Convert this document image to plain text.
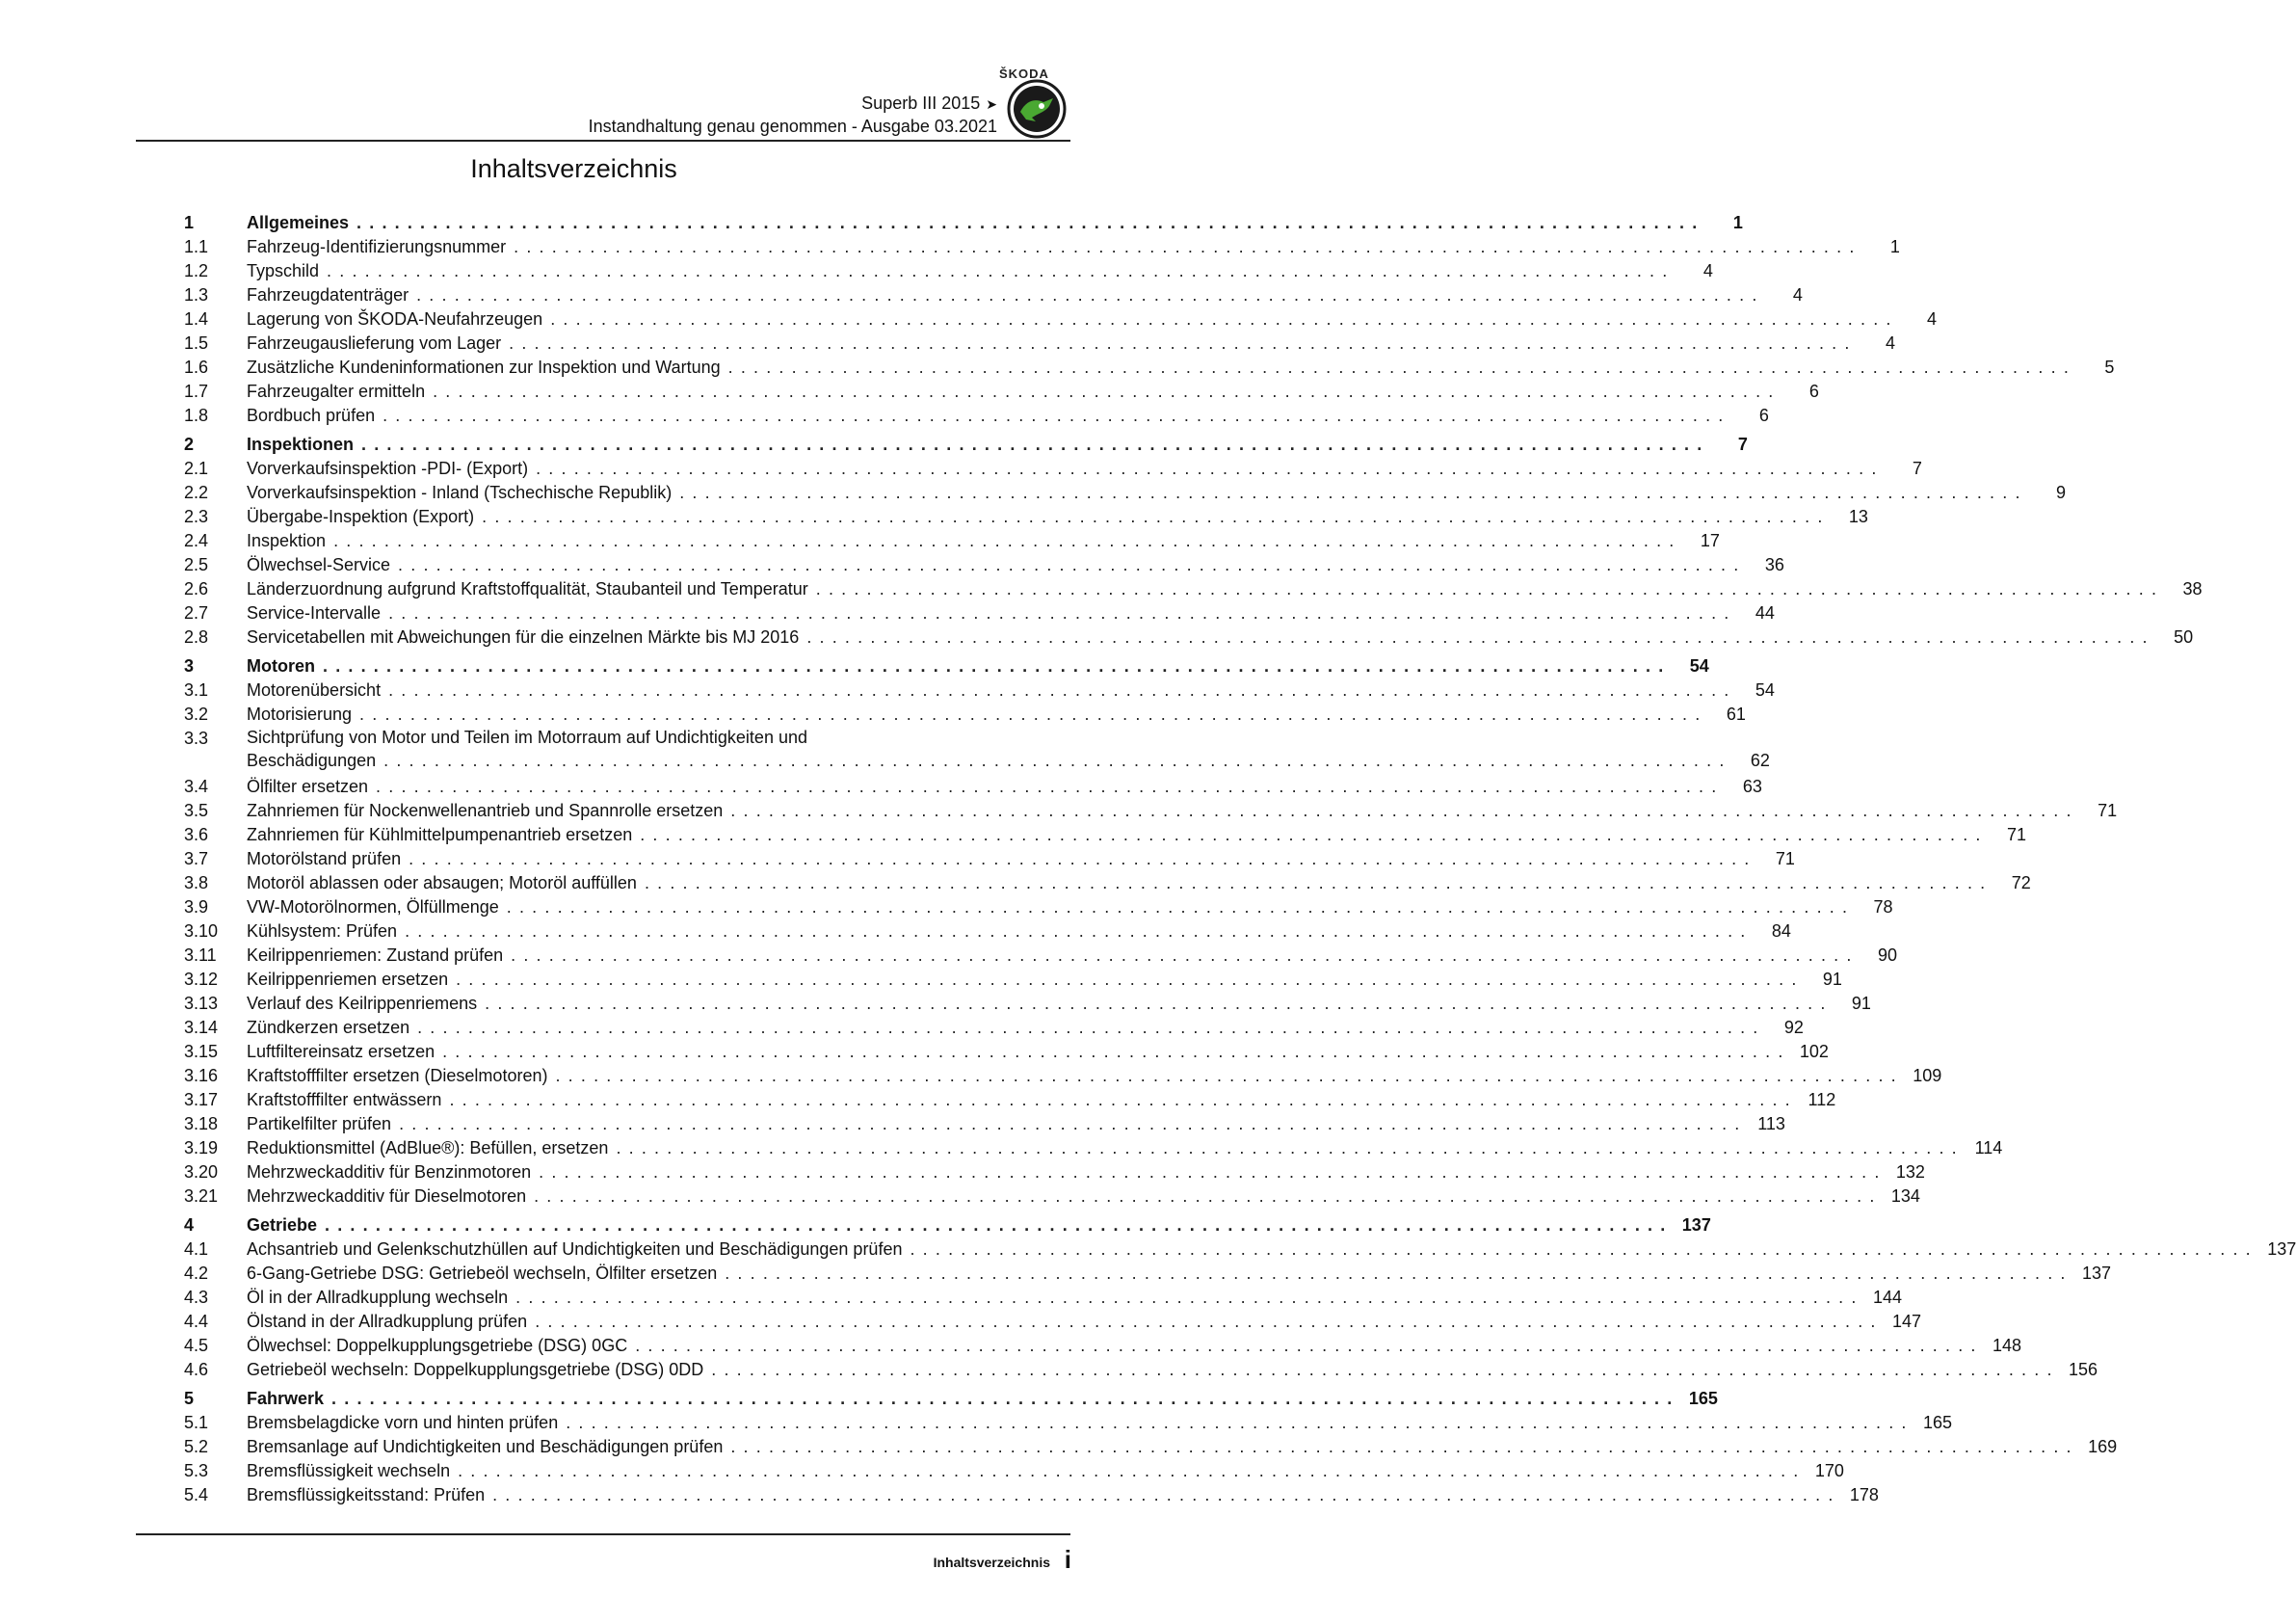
ŠKODA
Superb III 2015 ➤
Instandhaltung genau genommen - Ausgabe 03.2021
Inhaltsverzeichnis
1	Allgemeines . . .	1
1.1	Fahrzeug-Identifizierungsnummer . . .	1
1.2	Typschild . . .	4
1.3	Fahrzeugdatenträger . . .	4
1.4	Lagerung von ŠKODA-Neufahrzeugen . . .	4
1.5	Fahrzeugauslieferung vom Lager . . .	4
1.6	Zusätzliche Kundeninformationen zur Inspektion und Wartung . . .	5
1.7	Fahrzeugalter ermitteln . . .	6
1.8	Bordbuch prüfen . . .	6
2	Inspektionen . . .	7
2.1	Vorverkaufsinspektion -PDI- (Export) . . .	7
2.2	Vorverkaufsinspektion - Inland (Tschechische Republik) . . .	9
2.3	Übergabe-Inspektion (Export) . . .	13
2.4	Inspektion . . .	17
2.5	Ölwechsel-Service . . .	36
2.6	Länderzuordnung aufgrund Kraftstoffqualität, Staubanteil und Temperatur . . .	38
2.7	Service-Intervalle . . .	44
2.8	Servicetabellen mit Abweichungen für die einzelnen Märkte bis MJ 2016 . . .	50
3	Motoren . . .	54
3.1	Motorenübersicht . . .	54
3.2	Motorisierung . . .	61
3.3	Sichtprüfung von Motor und Teilen im Motorraum auf Undichtigkeiten und
Beschädigungen . . .	62
3.4	Ölfilter ersetzen . . .	63
3.5	Zahnriemen für Nockenwellenantrieb und Spannrolle ersetzen . . .	71
3.6	Zahnriemen für Kühlmittelpumpenantrieb ersetzen . . .	71
3.7	Motorölstand prüfen . . .	71
3.8	Motoröl ablassen oder absaugen; Motoröl auffüllen . . .	72
3.9	VW-Motorölnormen, Ölfüllmenge . . .	78
3.10	Kühlsystem: Prüfen . . .	84
3.11	Keilrippenriemen: Zustand prüfen . . .	90
3.12	Keilrippenriemen ersetzen . . .	91
3.13	Verlauf des Keilrippenriemens . . .	91
3.14	Zündkerzen ersetzen . . .	92
3.15	Luftfiltereinsatz ersetzen . . .	102
3.16	Kraftstofffilter ersetzen (Dieselmotoren) . . .	109
3.17	Kraftstofffilter entwässern . . .	112
3.18	Partikelfilter prüfen . . .	113
3.19	Reduktionsmittel (AdBlue®): Befüllen, ersetzen . . .	114
3.20	Mehrzweckadditiv für Benzinmotoren . . .	132
3.21	Mehrzweckadditiv für Dieselmotoren . . .	134
4	Getriebe . . .	137
4.1	Achsantrieb und Gelenkschutzhüllen auf Undichtigkeiten und Beschädigungen prüfen . . .	137
4.2	6-Gang-Getriebe DSG: Getriebeöl wechseln, Ölfilter ersetzen . . .	137
4.3	Öl in der Allradkupplung wechseln . . .	144
4.4	Ölstand in der Allradkupplung prüfen . . .	147
4.5	Ölwechsel: Doppelkupplungsgetriebe (DSG) 0GC . . .	148
4.6	Getriebeöl wechseln: Doppelkupplungsgetriebe (DSG) 0DD . . .	156
5	Fahrwerk . . .	165
5.1	Bremsbelagdicke vorn und hinten prüfen . . .	165
5.2	Bremsanlage auf Undichtigkeiten und Beschädigungen prüfen . . .	169
5.3	Bremsflüssigkeit wechseln . . .	170
5.4	Bremsflüssigkeitsstand: Prüfen . . .	178
Inhaltsverzeichnis i
